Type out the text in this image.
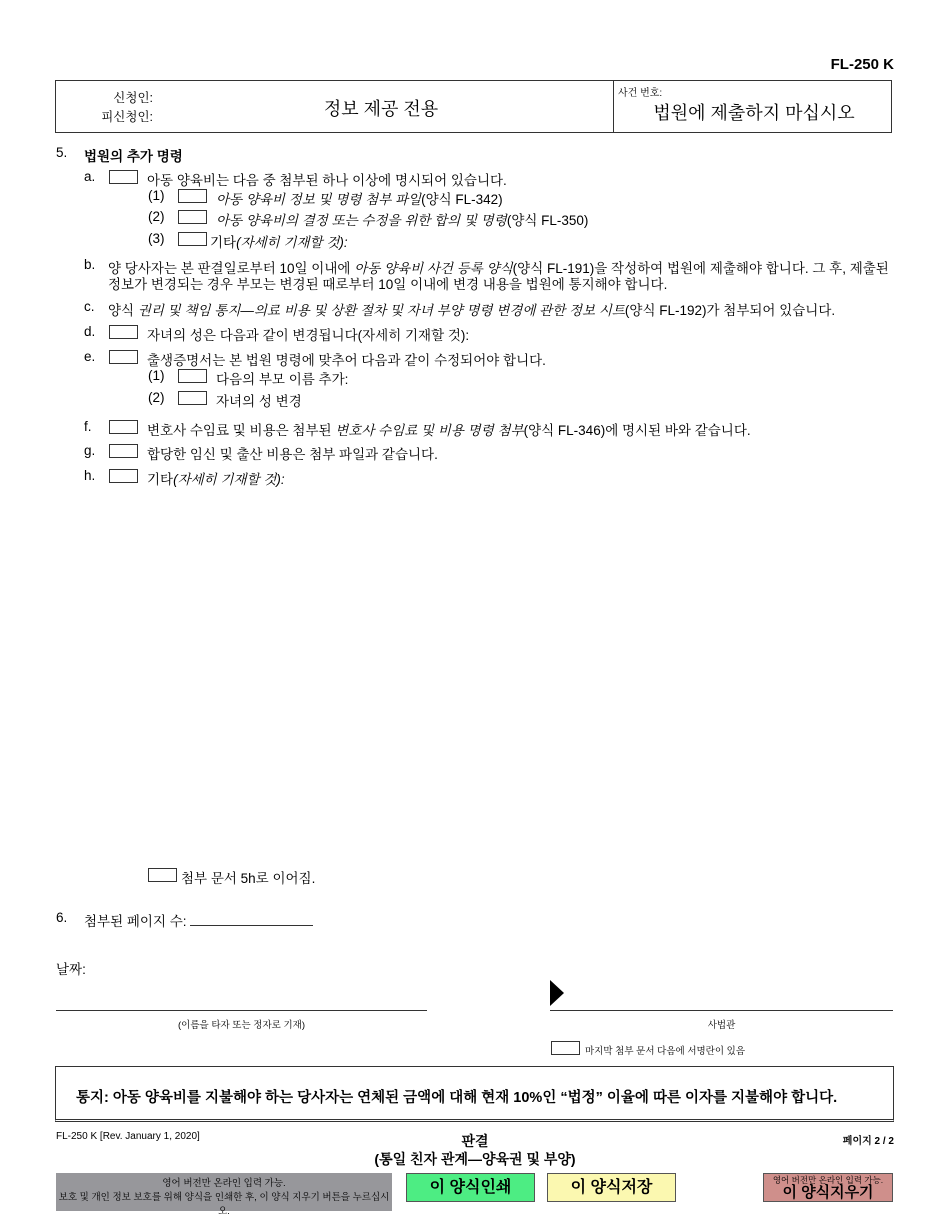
FL-250 K
신청인:
피신청인:	정보 제공 전용
사건 번호:
법원에 제출하지 마십시오
5. 법원의 추가 명령
a.	아동 양육비는 다음 중 첨부된 하나 이상에 명시되어 있습니다.
(1)	아동 양육비 정보 및 명령 첨부 파일(양식 FL-342)
(2)	아동 양육비의 결정 또는 수정을 위한 합의 및 명령(양식 FL-350)
(3)	기타(자세히 기재할 것):
b. 양 당사자는 본 판결일로부터 10일 이내에 아동 양육비 사건 등록 양식(양식 FL-191)을 작성하여 법원에 제출해야 합니다. 그 후, 제출된
정보가 변경되는 경우 부모는 변경된 때로부터 10일 이내에 변경 내용을 법원에 통지해야 합니다.
c. 양식 권리 및 책임 통지—의료 비용 및 상환 절차 및 자녀 부양 명령 변경에 관한 정보 시트(양식 FL-192)가 첨부되어 있습니다.
d.	자녀의 성은 다음과 같이 변경됩니다(자세히 기재할 것):
e.	출생증명서는 본 법원 명령에 맞추어 다음과 같이 수정되어야 합니다.
(1)	다음의 부모 이름 추가:
(2)	자녀의 성 변경
f.	변호사 수임료 및 비용은 첨부된 변호사 수임료 및 비용 명령 첨부(양식 FL-346)에 명시된 바와 같습니다.
g.	합당한 임신 및 출산 비용은 첨부 파일과 같습니다.
h.	기타(자세히 기재할 것):
첨부 문서 5h로 이어짐.
6. 첨부된 페이지 수:
날짜:
(이름을 타자 또는 정자로 기재)	사법관
마지막 첨부 문서 다음에 서명란이 있음
통지: 아동 양육비를 지불해야 하는 당사자는 연체된 금액에 대해 현재 10%인 “법정” 이율에 따른 이자를 지불해야 합니다.
FL-250 K [Rev. January 1, 2020]	판결
(통일 친자 관계—양육권 및 부양)
페이지 2 / 2
영어 버전만 온라인 입력 가능.
보호 및 개인 정보 보호를 위해 양식을 인쇄한 후, 이 양식 지우기 버튼을 누르십시오.
이 양식인쇄	이 양식저장	영어 버전만 온라인 입력 가능.
이 양식지우기
